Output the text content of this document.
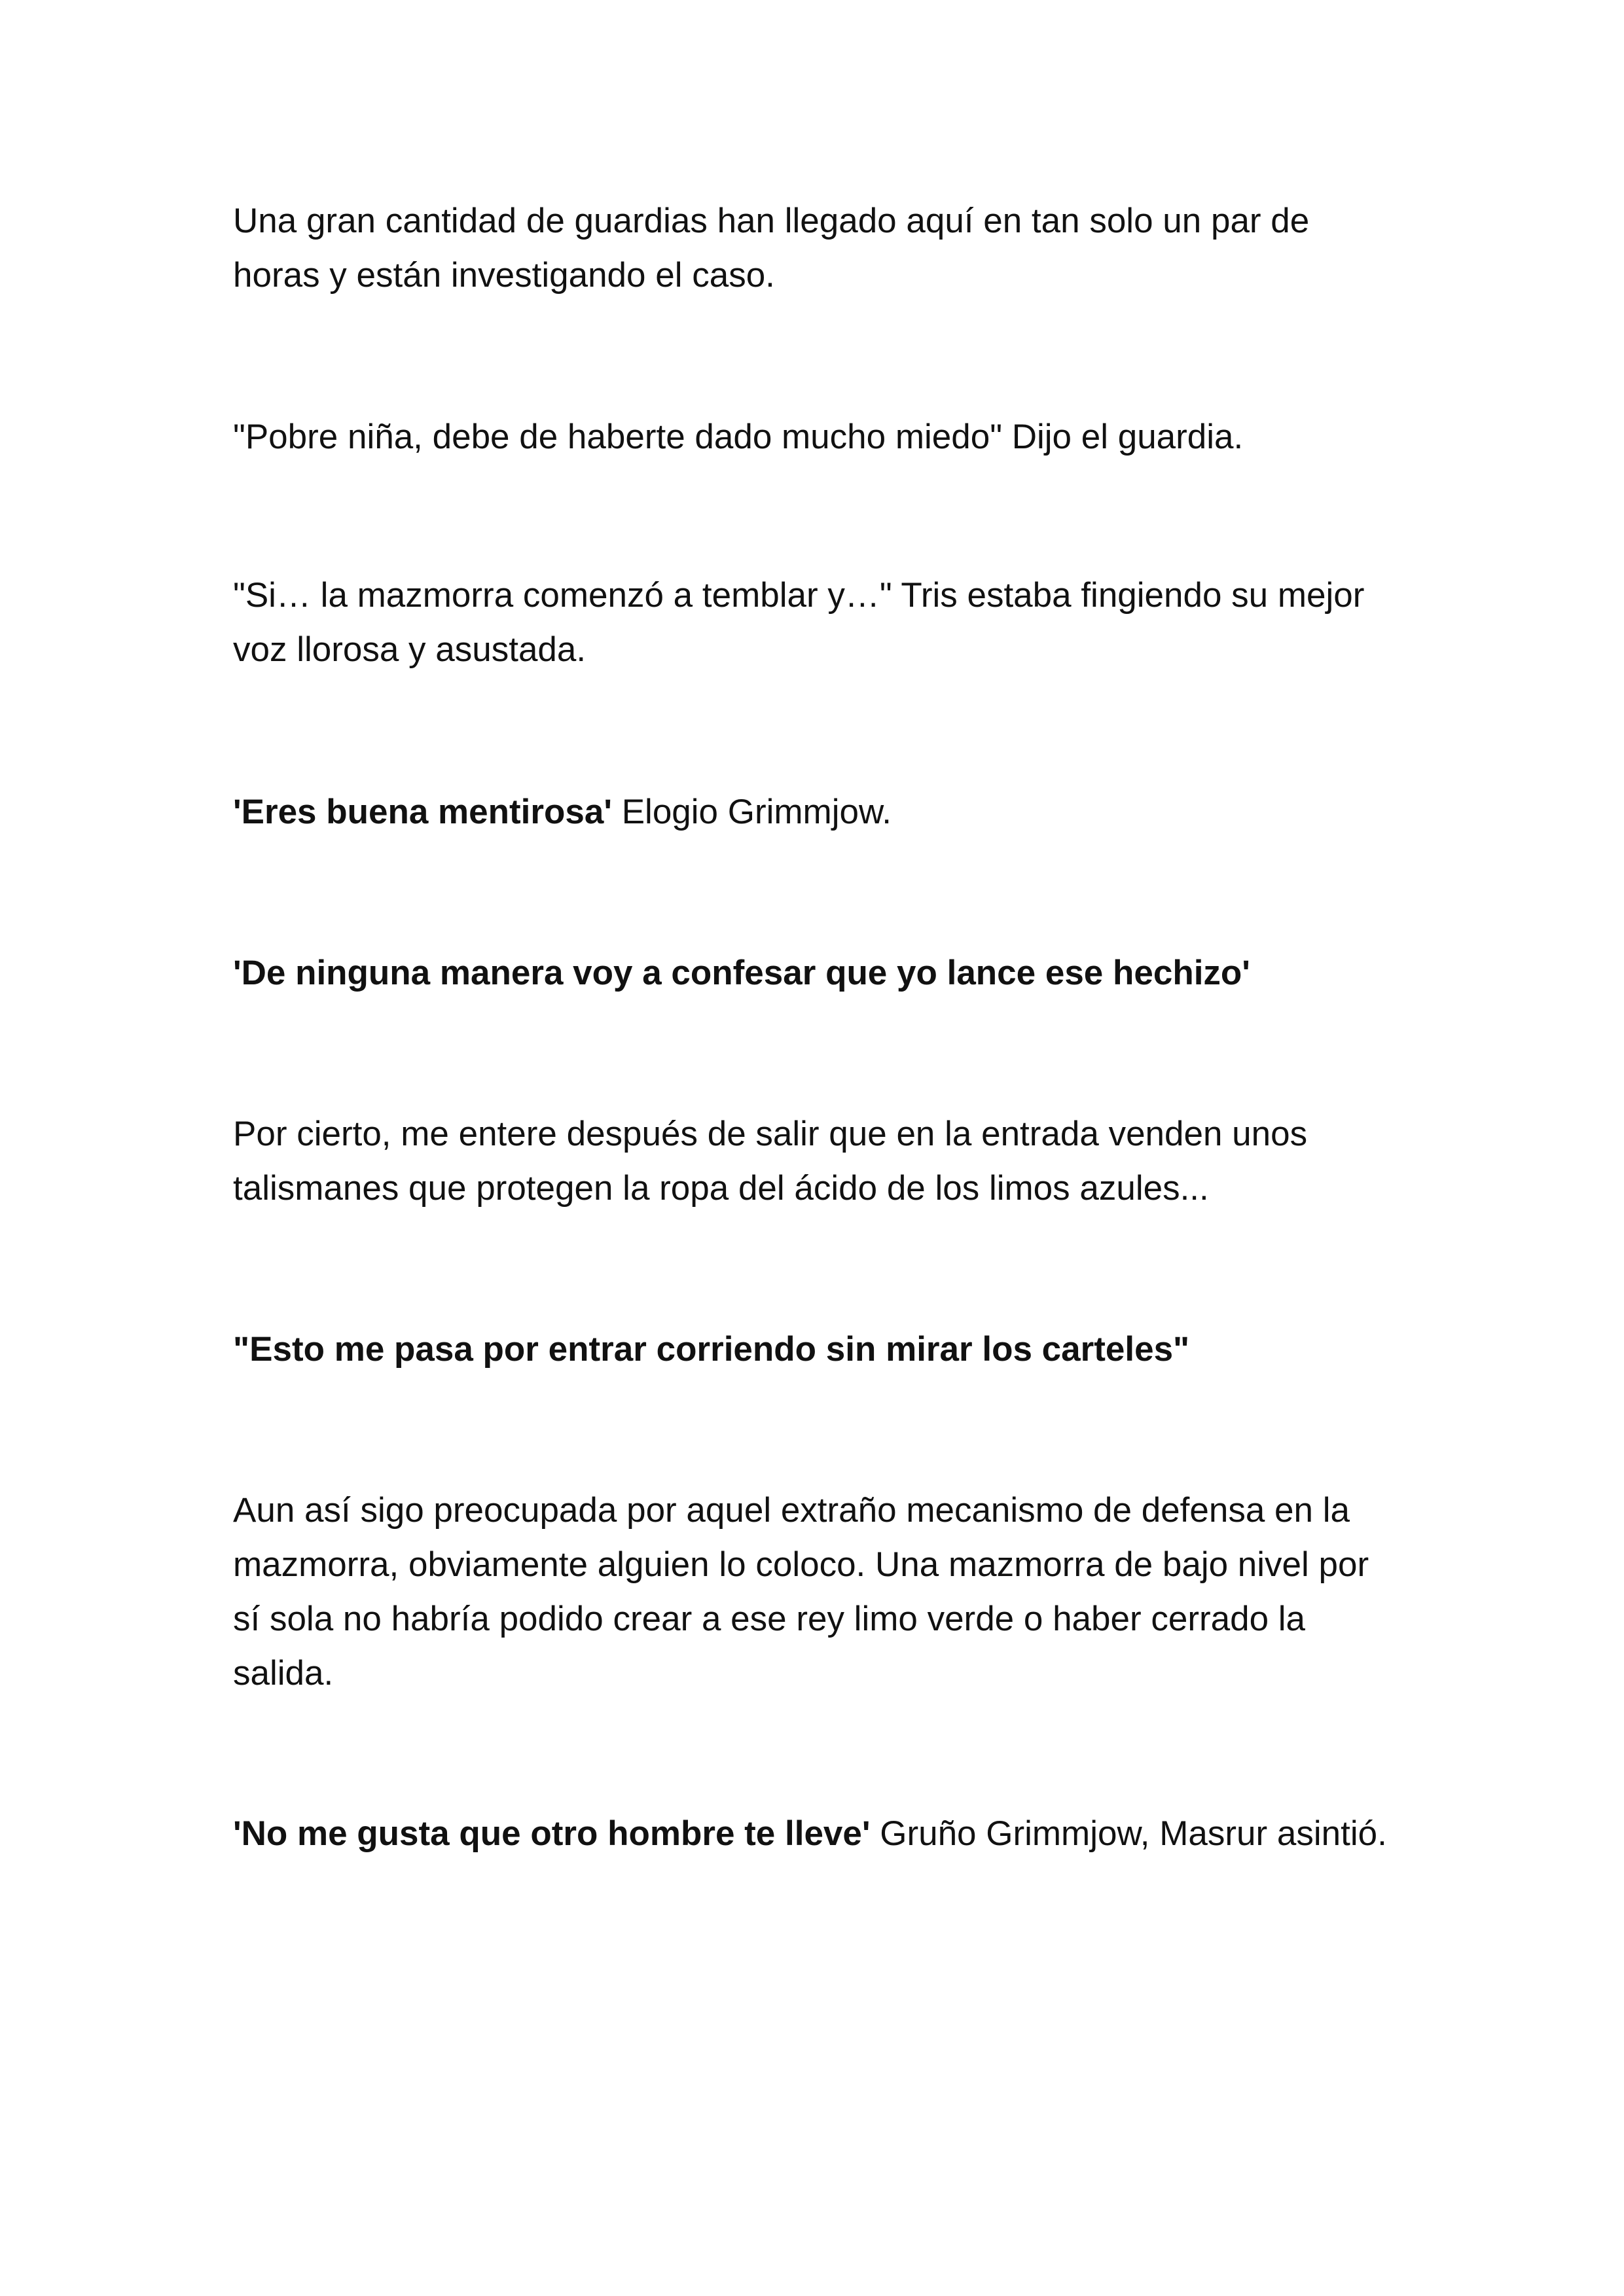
Una gran cantidad de guardias han llegado aquí en tan solo un par de
horas y están investigando el caso.

"Pobre niña, debe de haberte dado mucho miedo" Dijo el guardia.

"Si… la mazmorra comenzó a temblar y…" Tris estaba fingiendo su mejor
voz llorosa y asustada.

'Eres buena mentirosa' Elogio Grimmjow.

'De ninguna manera voy a confesar que yo lance ese hechizo'

Por cierto, me entere después de salir que en la entrada venden unos
talismanes que protegen la ropa del ácido de los limos azules...

"Esto me pasa por entrar corriendo sin mirar los carteles"

Aun así sigo preocupada por aquel extraño mecanismo de defensa en la
mazmorra, obviamente alguien lo coloco. Una mazmorra de bajo nivel por
sí sola no habría podido crear a ese rey limo verde o haber cerrado la
salida.

'No me gusta que otro hombre te lleve' Gruño Grimmjow, Masrur asintió.
